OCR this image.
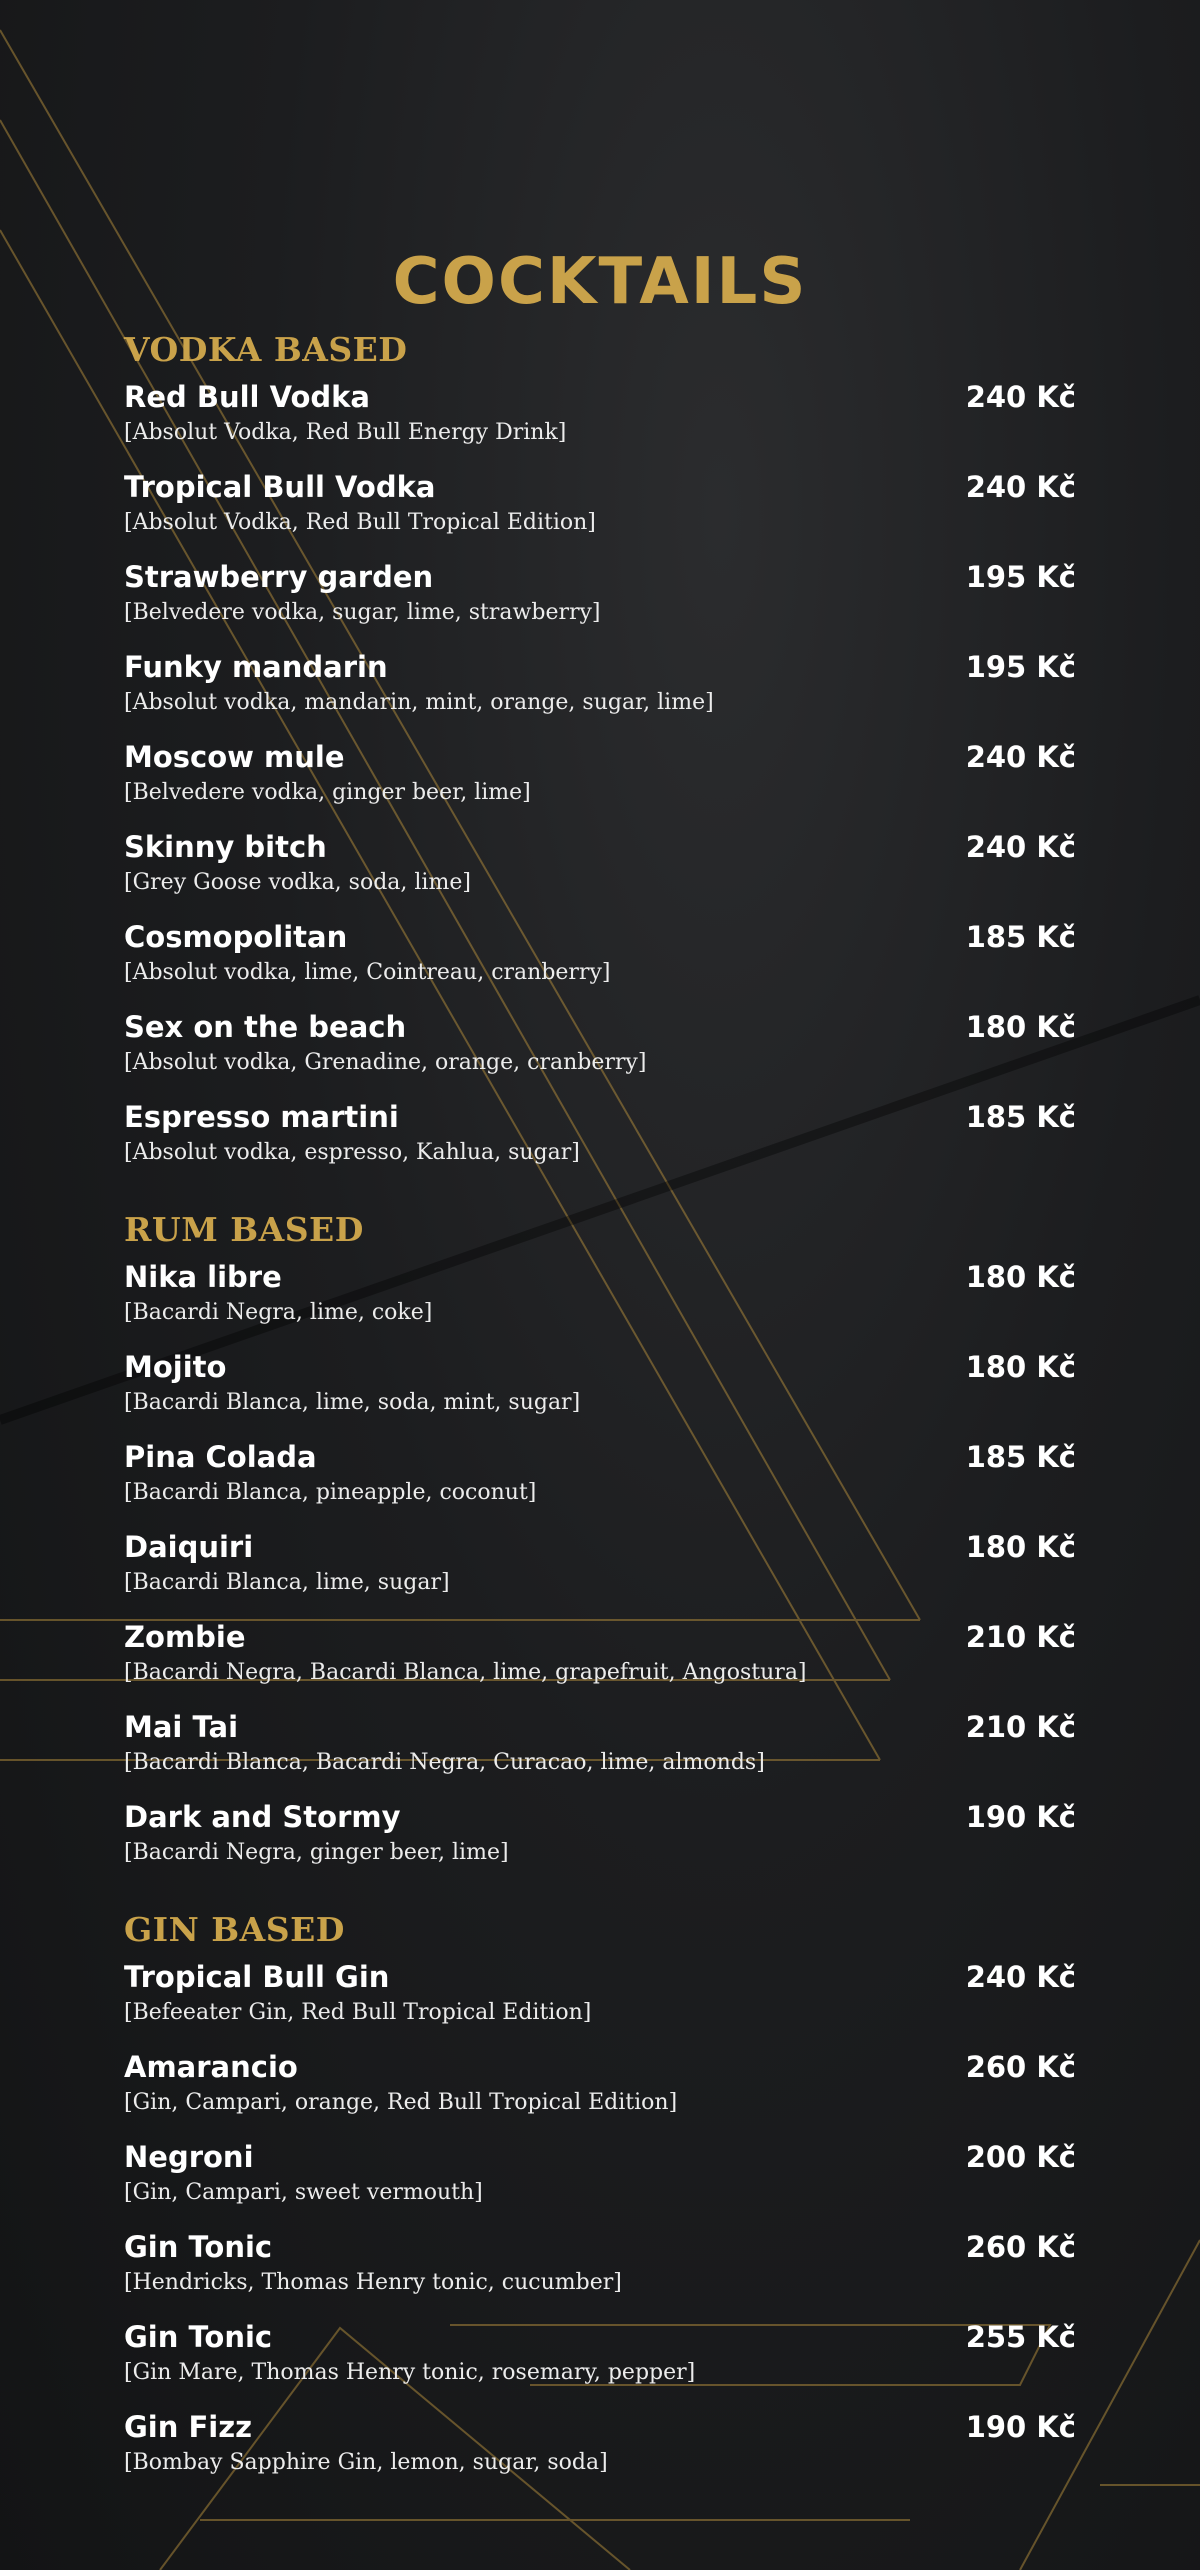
COCKTAILS
VODKA BASED
Red Bull Vodka	240 Kč
[Absolut Vodka, Red Bull Energy Drink]
Tropical Bull Vodka	240 Kč
[Absolut Vodka, Red Bull Tropical Edition]
Strawberry garden	195 Kč
[Belvedere vodka, sugar, lime, strawberry]
Funky mandarin	195 Kč
[Absolut vodka, mandarin, mint, orange, sugar, lime]
Moscow mule	240 Kč
[Belvedere vodka, ginger beer, lime]
Skinny bitch	240 Kč
[Grey Goose vodka, soda, lime]
Cosmopolitan	185 Kč
[Absolut vodka, lime, Cointreau, cranberry]
Sex on the beach	180 Kč
[Absolut vodka, Grenadine, orange, cranberry]
Espresso martini	185 Kč
[Absolut vodka, espresso, Kahlua, sugar]
RUM BASED
Nika libre	180 Kč
[Bacardi Negra, lime, coke]
Mojito	180 Kč
[Bacardi Blanca, lime, soda, mint, sugar]
Pina Colada	185 Kč
[Bacardi Blanca, pineapple, coconut]
Daiquiri	180 Kč
[Bacardi Blanca, lime, sugar]
Zombie	210 Kč
[Bacardi Negra, Bacardi Blanca, lime, grapefruit, Angostura]
Mai Tai	210 Kč
[Bacardi Blanca, Bacardi Negra, Curacao, lime, almonds]
Dark and Stormy	190 Kč
[Bacardi Negra, ginger beer, lime]
GIN BASED
Tropical Bull Gin	240 Kč
[Befeeater Gin, Red Bull Tropical Edition]
Amarancio	260 Kč
[Gin, Campari, orange, Red Bull Tropical Edition]
Negroni	200 Kč
[Gin, Campari, sweet vermouth]
Gin Tonic	260 Kč
[Hendricks, Thomas Henry tonic, cucumber]
Gin Tonic	255 Kč
[Gin Mare, Thomas Henry tonic, rosemary, pepper]
Gin Fizz	190 Kč
[Bombay Sapphire Gin, lemon, sugar, soda]
